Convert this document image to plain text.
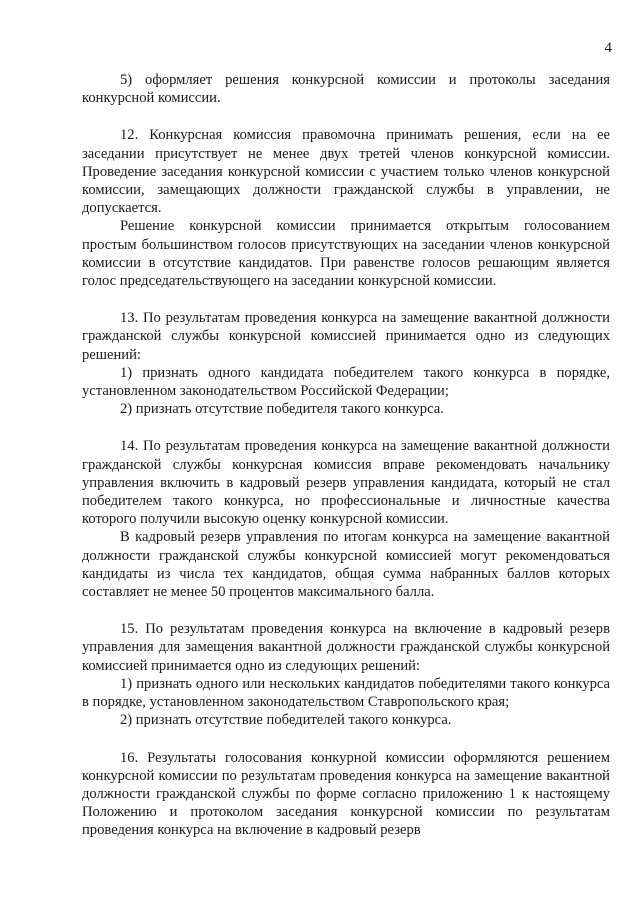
4

5) оформляет решения конкурсной комиссии и протоколы заседания конкурсной комиссии.

12. Конкурсная комиссия правомочна принимать решения, если на ее заседании присутствует не менее двух третей членов конкурсной комиссии. Проведение заседания конкурсной комиссии с участием только членов конкурсной комиссии, замещающих должности гражданской службы в управлении, не допускается.

Решение конкурсной комиссии принимается открытым голосованием простым большинством голосов присутствующих на заседании членов конкурсной комиссии в отсутствие кандидатов. При равенстве голосов решающим является голос председательствующего на заседании конкурсной комиссии.

13. По результатам проведения конкурса на замещение вакантной должности гражданской службы конкурсной комиссией принимается одно из следующих решений:

1) признать одного кандидата победителем такого конкурса в порядке, установленном законодательством Российской Федерации;

2) признать отсутствие победителя такого конкурса.

14. По результатам проведения конкурса на замещение вакантной должности гражданской службы конкурсная комиссия вправе рекомендовать начальнику управления включить в кадровый резерв управления кандидата, который не стал победителем такого конкурса, но профессиональные и личностные качества которого получили высокую оценку конкурсной комиссии.

В кадровый резерв управления по итогам конкурса на замещение вакантной должности гражданской службы конкурсной комиссией могут рекомендоваться кандидаты из числа тех кандидатов, общая сумма набранных баллов которых составляет не менее 50 процентов максимального балла.

15. По результатам проведения конкурса на включение в кадровый резерв управления для замещения вакантной должности гражданской службы конкурсной комиссией принимается одно из следующих решений:

1) признать одного или нескольких кандидатов победителями такого конкурса в порядке, установленном законодательством Ставропольского края;

2) признать отсутствие победителей такого конкурса.

16. Результаты голосования конкурной комиссии оформляются решением конкурсной комиссии по результатам проведения конкурса на замещение вакантной должности гражданской службы по форме согласно приложению 1 к настоящему Положению и протоколом заседания конкурсной комиссии по результатам проведения конкурса на включение в кадровый резерв
